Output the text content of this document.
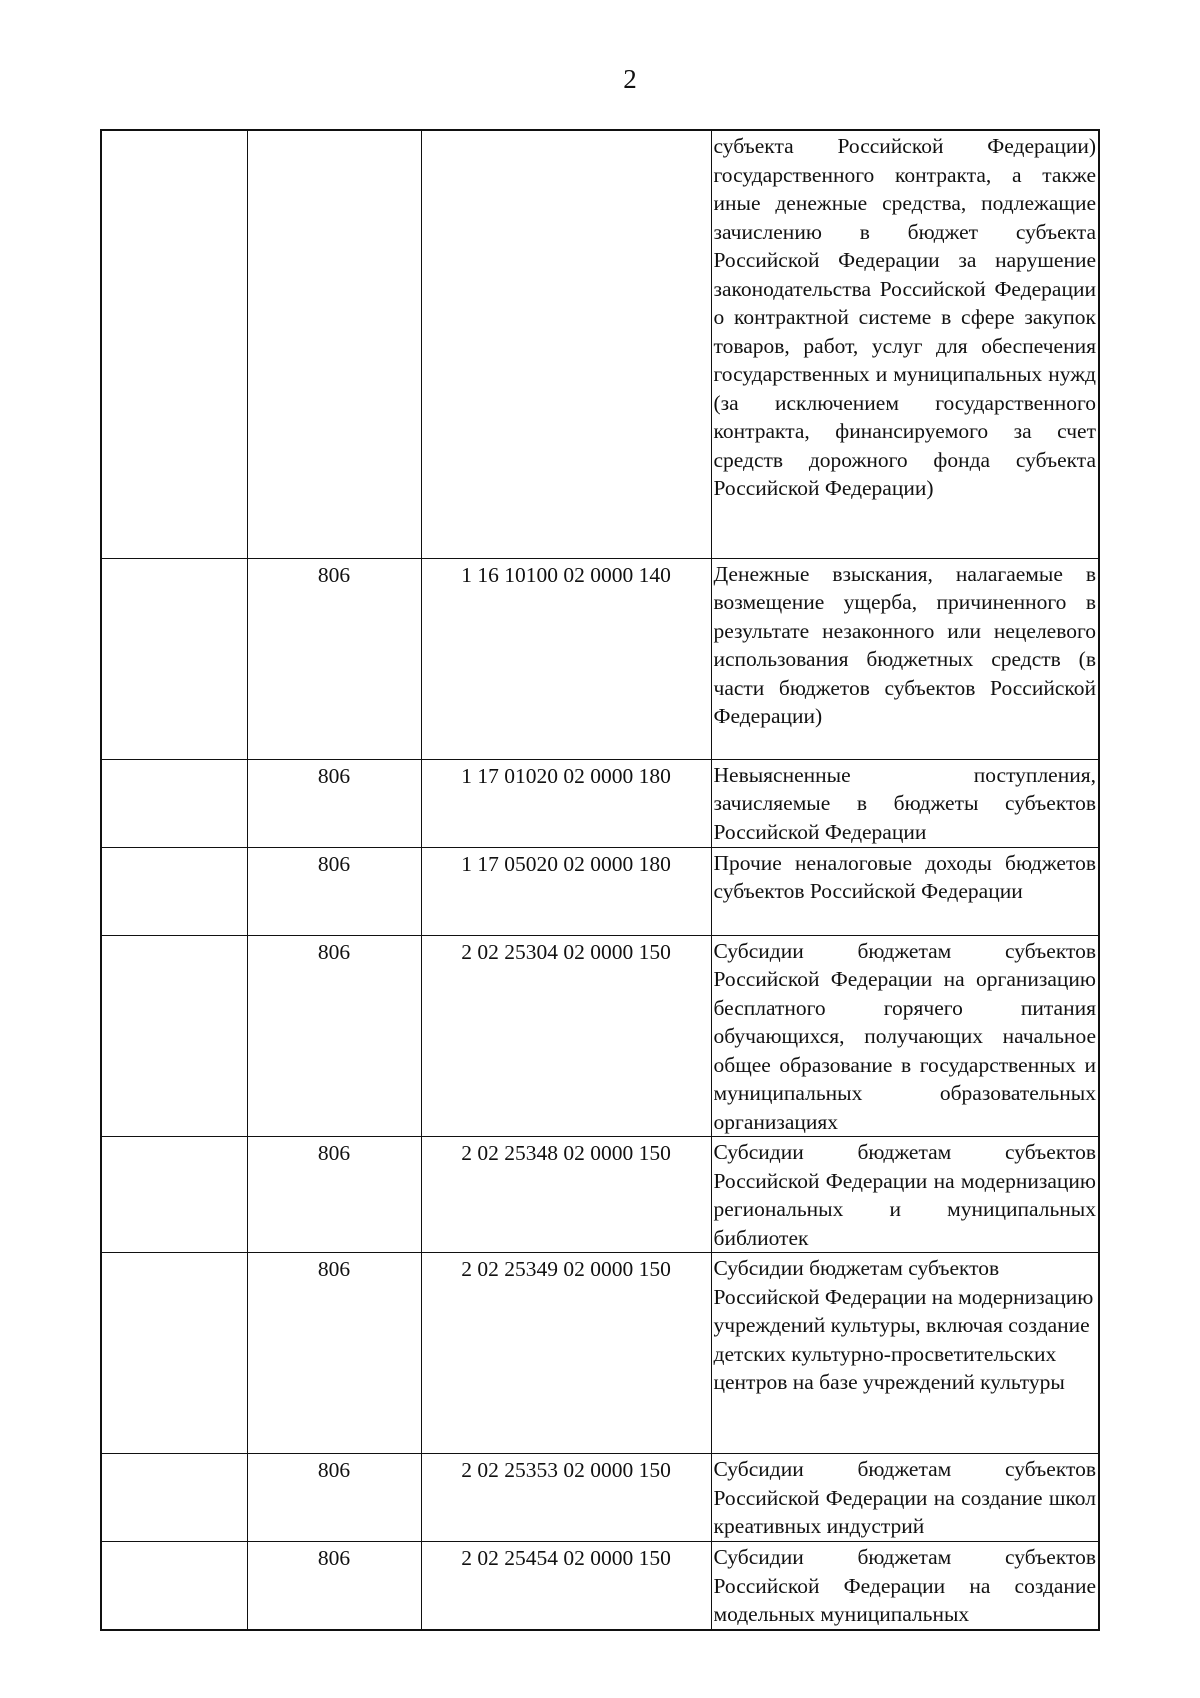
2
			субъекта Российской Федерации) государственного контракта, а также иные денежные средства, подлежащие зачислению в бюджет субъекта Российской Федерации за нарушение законодательства Российской Федерации о контрактной системе в сфере закупок товаров, работ, услуг для обеспечения государственных и муниципальных нужд (за исключением государственного контракта, финансируемого за счет средств дорожного фонда субъекта Российской Федерации)
	806	1 16 10100 02 0000 140	Денежные взыскания, налагаемые в возмещение ущерба, причиненного в результате незаконного или нецелевого использования бюджетных средств (в части бюджетов субъектов Российской Федерации)
	806	1 17 01020 02 0000 180	Невыясненные поступления, зачисляемые в бюджеты субъектов Российской Федерации
	806	1 17 05020 02 0000 180	Прочие неналоговые доходы бюджетов субъектов Российской Федерации
	806	2 02 25304 02 0000 150	Субсидии бюджетам субъектов Российской Федерации на организацию бесплатного горячего питания обучающихся, получающих начальное общее образование в государственных и муниципальных образовательных организациях
	806	2 02 25348 02 0000 150	Субсидии бюджетам субъектов Российской Федерации на модернизацию региональных и муниципальных библиотек
	806	2 02 25349 02 0000 150	Субсидии бюджетам субъектов Российской Федерации на модернизацию учреждений культуры, включая создание детских культурно-просветительских центров на базе учреждений культуры
	806	2 02 25353 02 0000 150	Субсидии бюджетам субъектов Российской Федерации на создание школ креативных индустрий
	806	2 02 25454 02 0000 150	Субсидии бюджетам субъектов Российской Федерации на создание модельных муниципальных
